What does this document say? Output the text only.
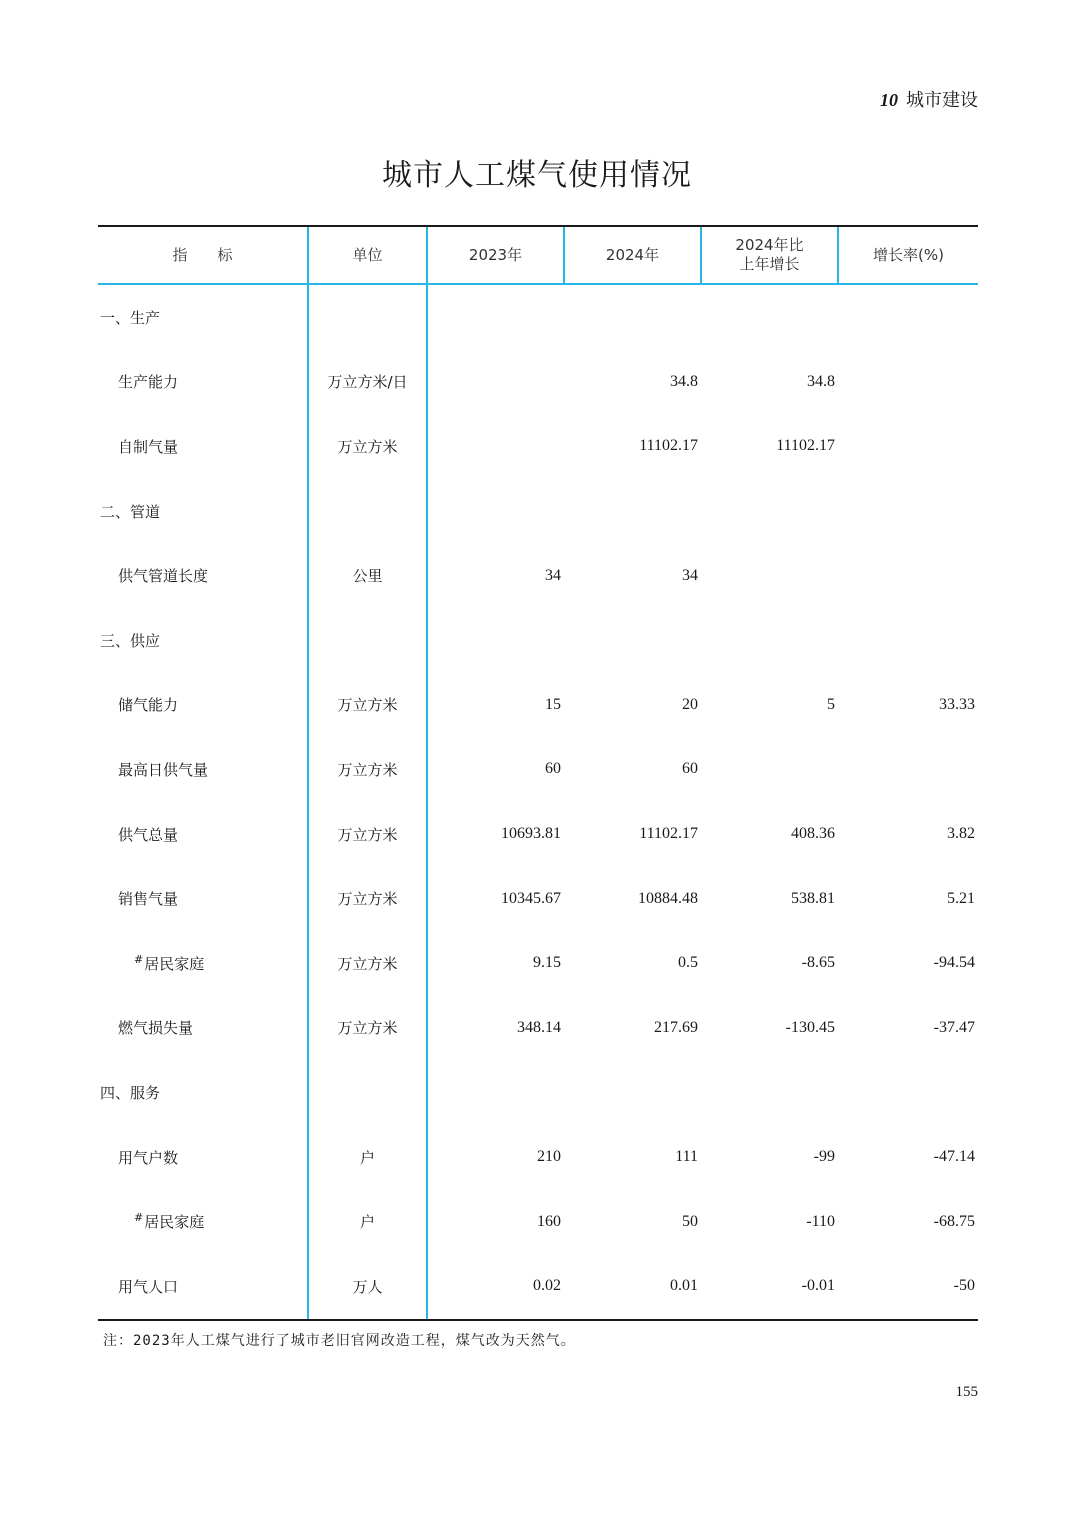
10 城市建设
城市人工煤气使用情况
指　　标	单位	2023年	2024年	2024年比
上年增长	增长率(%)
一、生产					
生产能力	万立方米/日		34.8	34.8	
自制气量	万立方米		11102.17	11102.17	
二、管道					
供气管道长度	公里	34	34		
三、供应					
储气能力	万立方米	15	20	5	33.33
最高日供气量	万立方米	60	60		
供气总量	万立方米	10693.81	11102.17	408.36	3.82
销售气量	万立方米	10345.67	10884.48	538.81	5.21
#居民家庭	万立方米	9.15	0.5	-8.65	-94.54
燃气损失量	万立方米	348.14	217.69	-130.45	-37.47
四、服务					
用气户数	户	210	111	-99	-47.14
#居民家庭	户	160	50	-110	-68.75
用气人口	万人	0.02	0.01	-0.01	-50
注：2023年人工煤气进行了城市老旧官网改造工程，煤气改为天然气。
155
